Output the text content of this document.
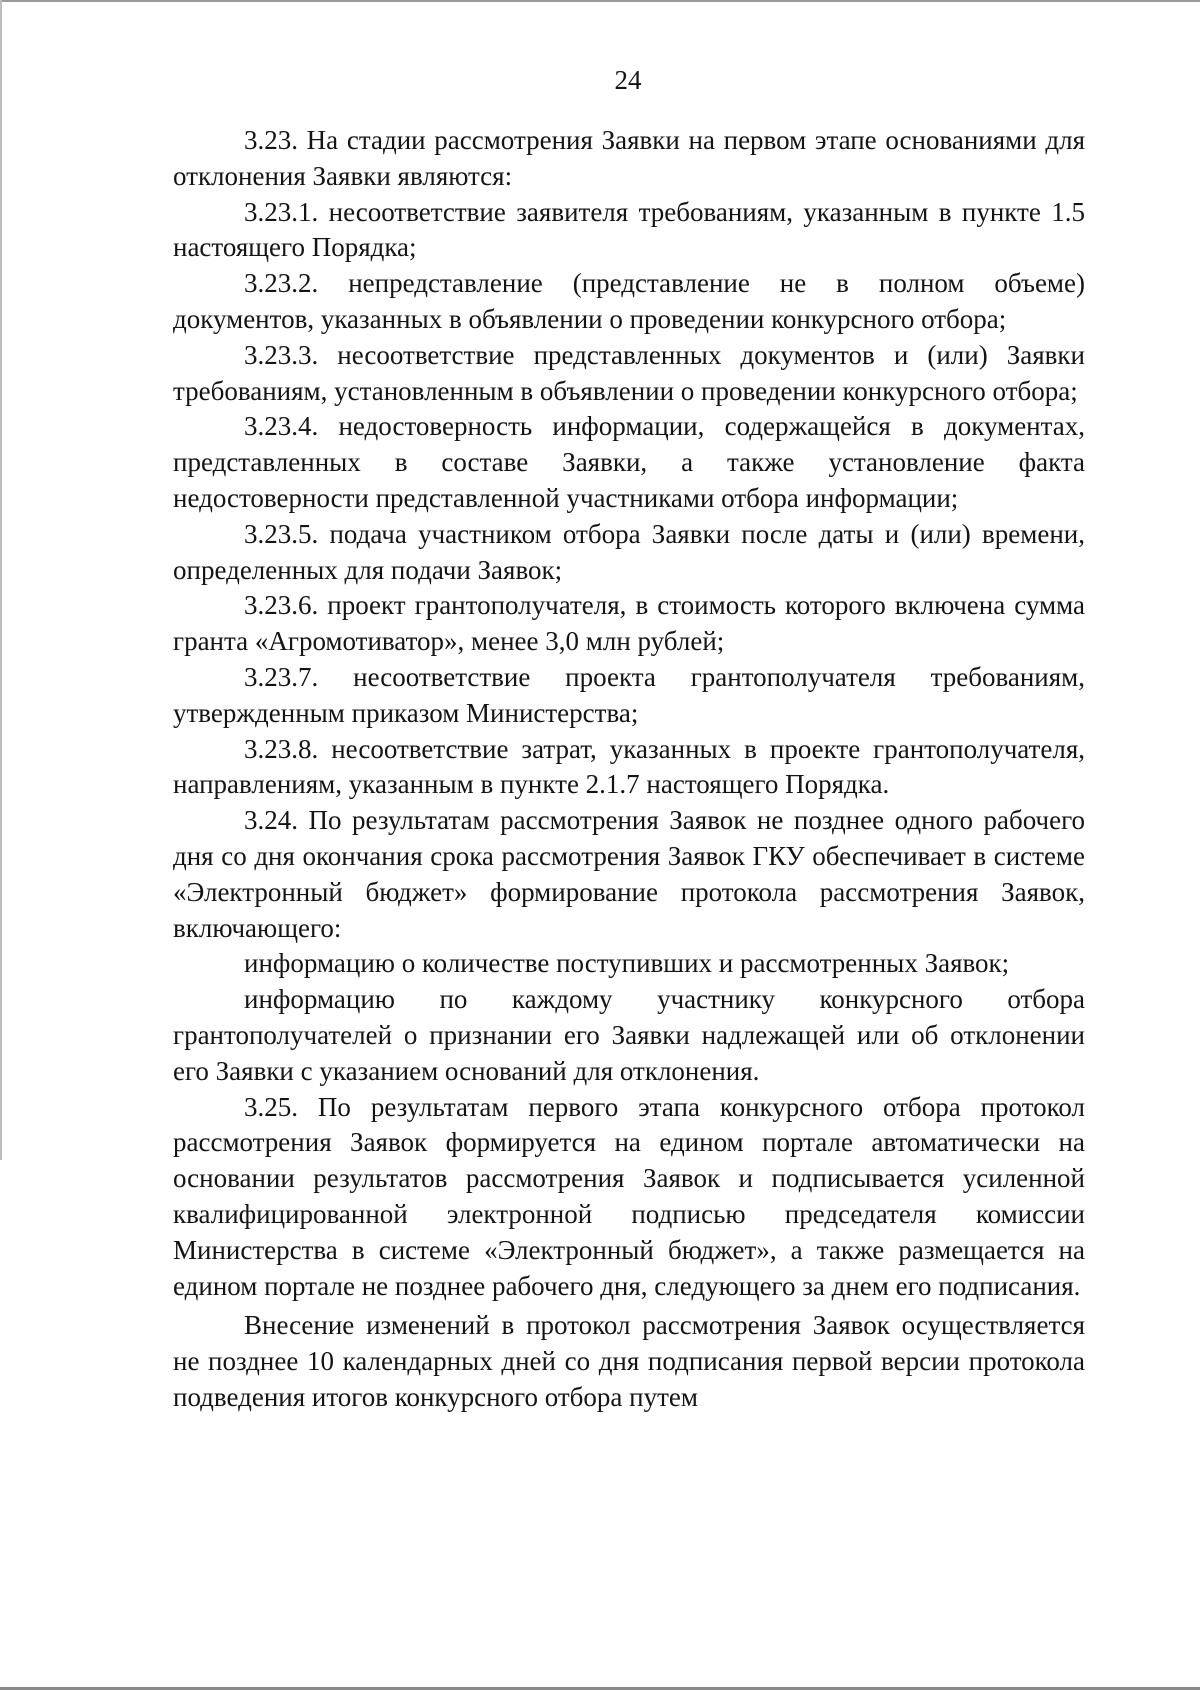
24

3.23. На стадии рассмотрения Заявки на первом этапе основаниями для отклонения Заявки являются:

3.23.1. несоответствие заявителя требованиям, указанным в пункте 1.5 настоящего Порядка;

3.23.2. непредставление (представление не в полном объеме) документов, указанных в объявлении о проведении конкурсного отбора;

3.23.3. несоответствие представленных документов и (или) Заявки требованиям, установленным в объявлении о проведении конкурсного отбора;

3.23.4. недостоверность информации, содержащейся в документах, представленных в составе Заявки, а также установление факта недостоверности представленной участниками отбора информации;

3.23.5. подача участником отбора Заявки после даты и (или) времени, определенных для подачи Заявок;

3.23.6. проект грантополучателя, в стоимость которого включена сумма гранта «Агромотиватор», менее 3,0 млн рублей;

3.23.7. несоответствие проекта грантополучателя требованиям, утвержденным приказом Министерства;

3.23.8. несоответствие затрат, указанных в проекте грантополучателя, направлениям, указанным в пункте 2.1.7 настоящего Порядка.

3.24. По результатам рассмотрения Заявок не позднее одного рабочего дня со дня окончания срока рассмотрения Заявок ГКУ обеспечивает в системе «Электронный бюджет» формирование протокола рассмотрения Заявок, включающего:

информацию о количестве поступивших и рассмотренных Заявок;

информацию по каждому участнику конкурсного отбора грантополучателей о признании его Заявки надлежащей или об отклонении его Заявки с указанием оснований для отклонения.

3.25. По результатам первого этапа конкурсного отбора протокол рассмотрения Заявок формируется на едином портале автоматически на основании результатов рассмотрения Заявок и подписывается усиленной квалифицированной электронной подписью председателя комиссии Министерства в системе «Электронный бюджет», а также размещается на едином портале не позднее рабочего дня, следующего за днем его подписания.

Внесение изменений в протокол рассмотрения Заявок осуществляется не позднее 10 календарных дней со дня подписания первой версии протокола подведения итогов конкурсного отбора путем
